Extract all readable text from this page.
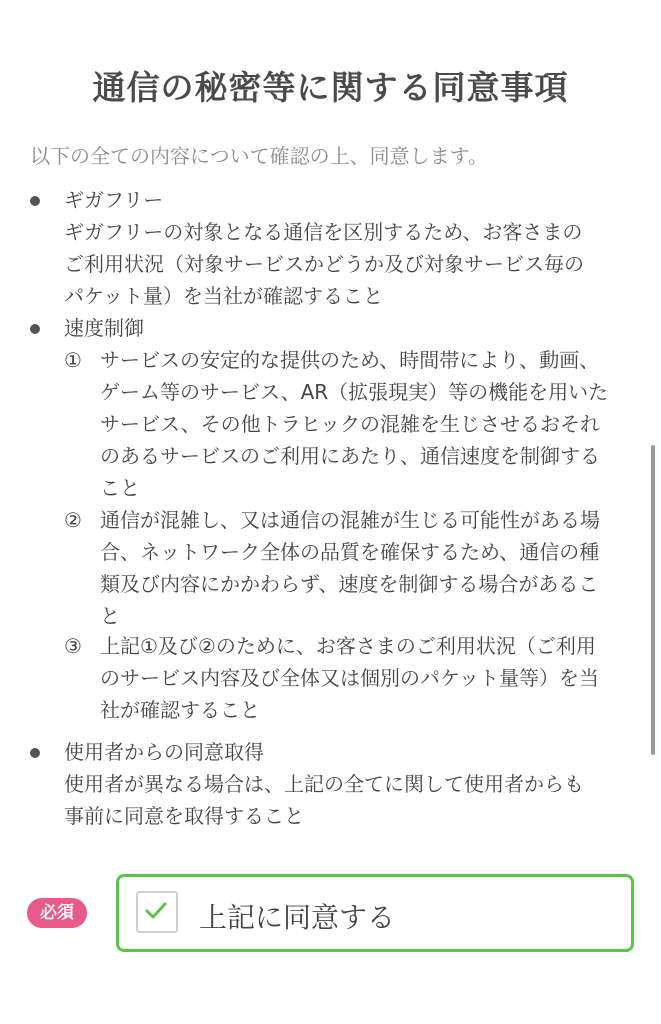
通信の秘密等に関する同意事項
以下の全ての内容について確認の上、同意します。
ギガフリー
ギガフリーの対象となる通信を区別するため、お客さまの
ご利用状況（対象サービスかどうか及び対象サービス毎の
パケット量）を当社が確認すること
速度制御
① サービスの安定的な提供のため、時間帯により、動画、
ゲーム等のサービス、AR（拡張現実）等の機能を用いた
サービス、その他トラヒックの混雑を生じさせるおそれ
のあるサービスのご利用にあたり、通信速度を制御する
こと
② 通信が混雑し、又は通信の混雑が生じる可能性がある場
合、ネットワーク全体の品質を確保するため、通信の種
類及び内容にかかわらず、速度を制御する場合があるこ
と
③ 上記①及び②のために、お客さまのご利用状況（ご利用
のサービス内容及び全体又は個別のパケット量等）を当
社が確認すること
使用者からの同意取得
使用者が異なる場合は、上記の全てに関して使用者からも
事前に同意を取得すること
必須	上記に同意する
